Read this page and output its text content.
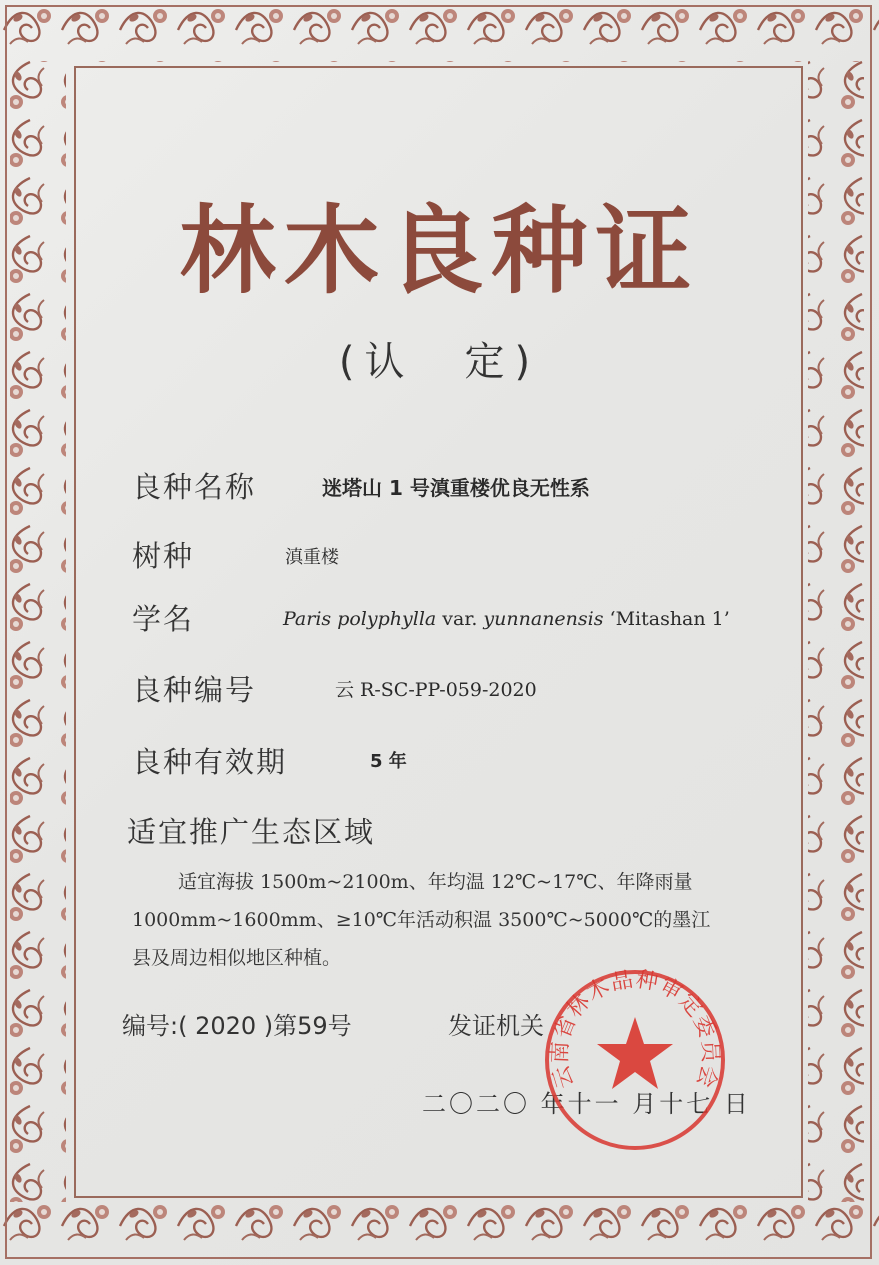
林木良种证
(认　定)
良种名称	迷塔山 1 号滇重楼优良无性系
树种	滇重楼
学名	Paris polyphylla var. yunnanensis ‘Mitashan 1’
良种编号	云 R-SC-PP-059-2020
良种有效期	5 年
适宜推广生态区域
适宜海拔 1500m~2100m、年均温 12℃~17℃、年降雨量
1000mm~1600mm、≥10℃年活动积温 3500℃~5000℃的墨江
县及周边相似地区种植。
编号:( 2020 )第59号	发证机关
二〇二〇 年十一 月十七 日
云南省林木品种审定委员会
